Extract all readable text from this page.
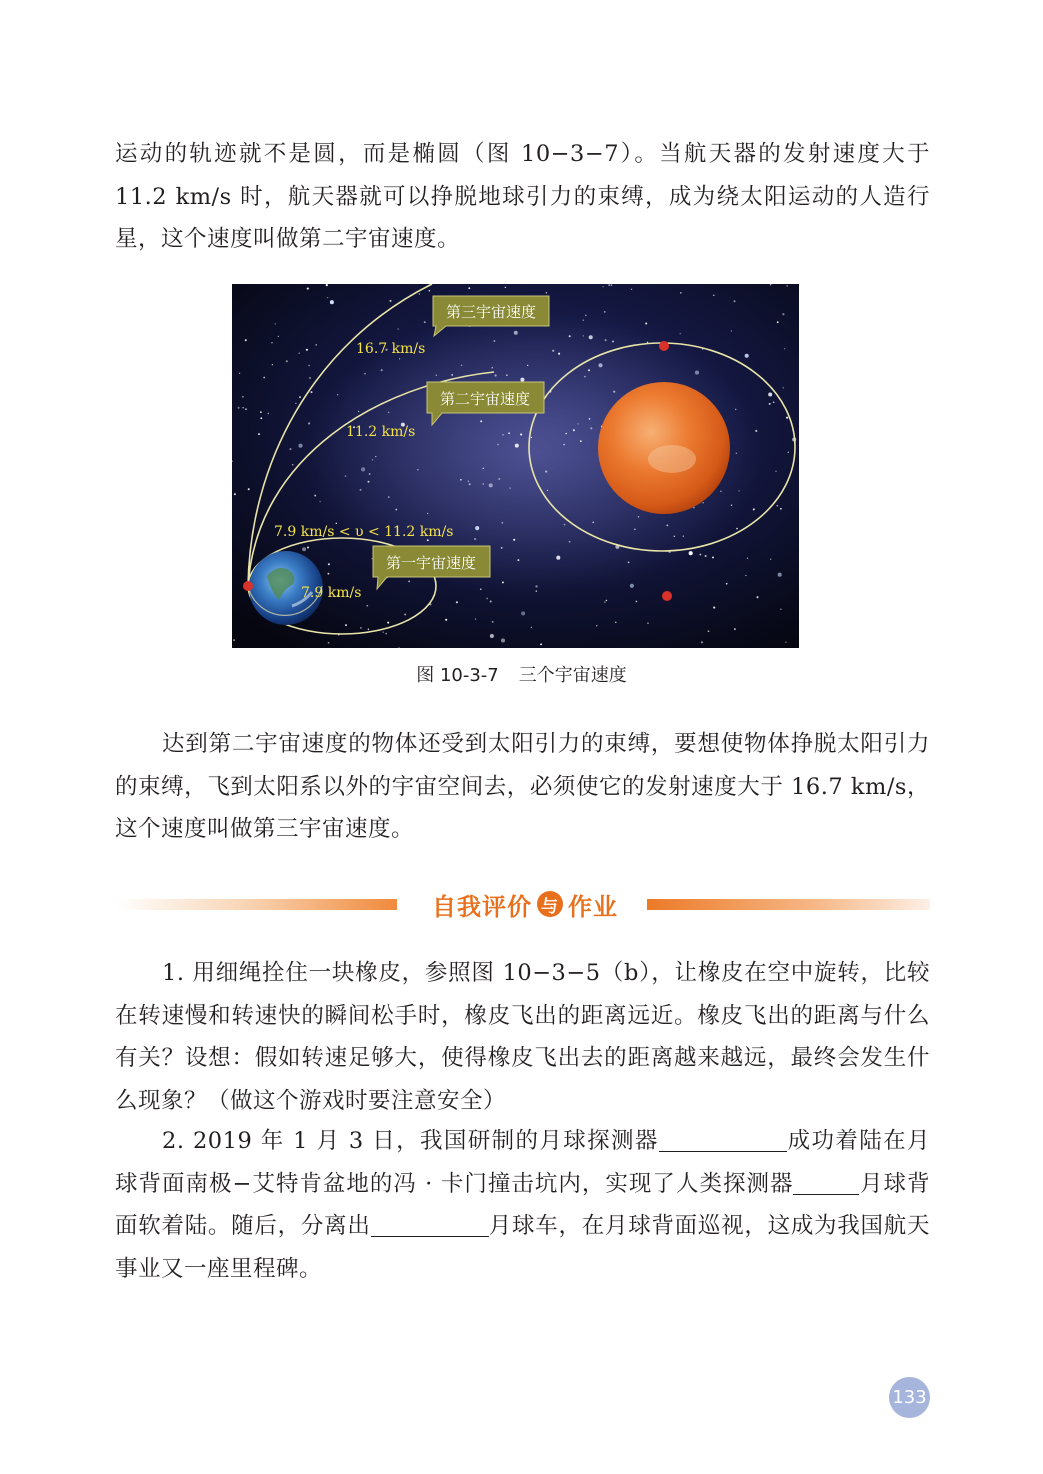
运动的轨迹就不是圆，而是椭圆（图 10−3−7）。当航天器的发射速度大于 11.2 km/s 时，航天器就可以挣脱地球引力的束缚，成为绕太阳运动的人造行星，这个速度叫做第二宇宙速度。

第三宇宙速度
16.7 km/s
第二宇宙速度
11.2 km/s
7.9 km/s < υ < 11.2 km/s
第一宇宙速度
7.9 km/s
图 10-3-7 三个宇宙速度

达到第二宇宙速度的物体还受到太阳引力的束缚，要想使物体挣脱太阳引力的束缚，飞到太阳系以外的宇宙空间去，必须使它的发射速度大于 16.7 km/s，这个速度叫做第三宇宙速度。

自我评价 与 作业

1. 用细绳拴住一块橡皮，参照图 10−3−5（b），让橡皮在空中旋转，比较在转速慢和转速快的瞬间松手时，橡皮飞出的距离远近。橡皮飞出的距离与什么有关？设想：假如转速足够大，使得橡皮飞出去的距离越来越远，最终会发生什么现象？（做这个游戏时要注意安全）

2. 2019 年 1 月 3 日，我国研制的月球探测器	成功着陆在月球背面南极−艾特肯盆地的冯 · 卡门撞击坑内，实现了人类探测器	月球背面软着陆。随后，分离出	月球车，在月球背面巡视，这成为我国航天事业又一座里程碑。

133
